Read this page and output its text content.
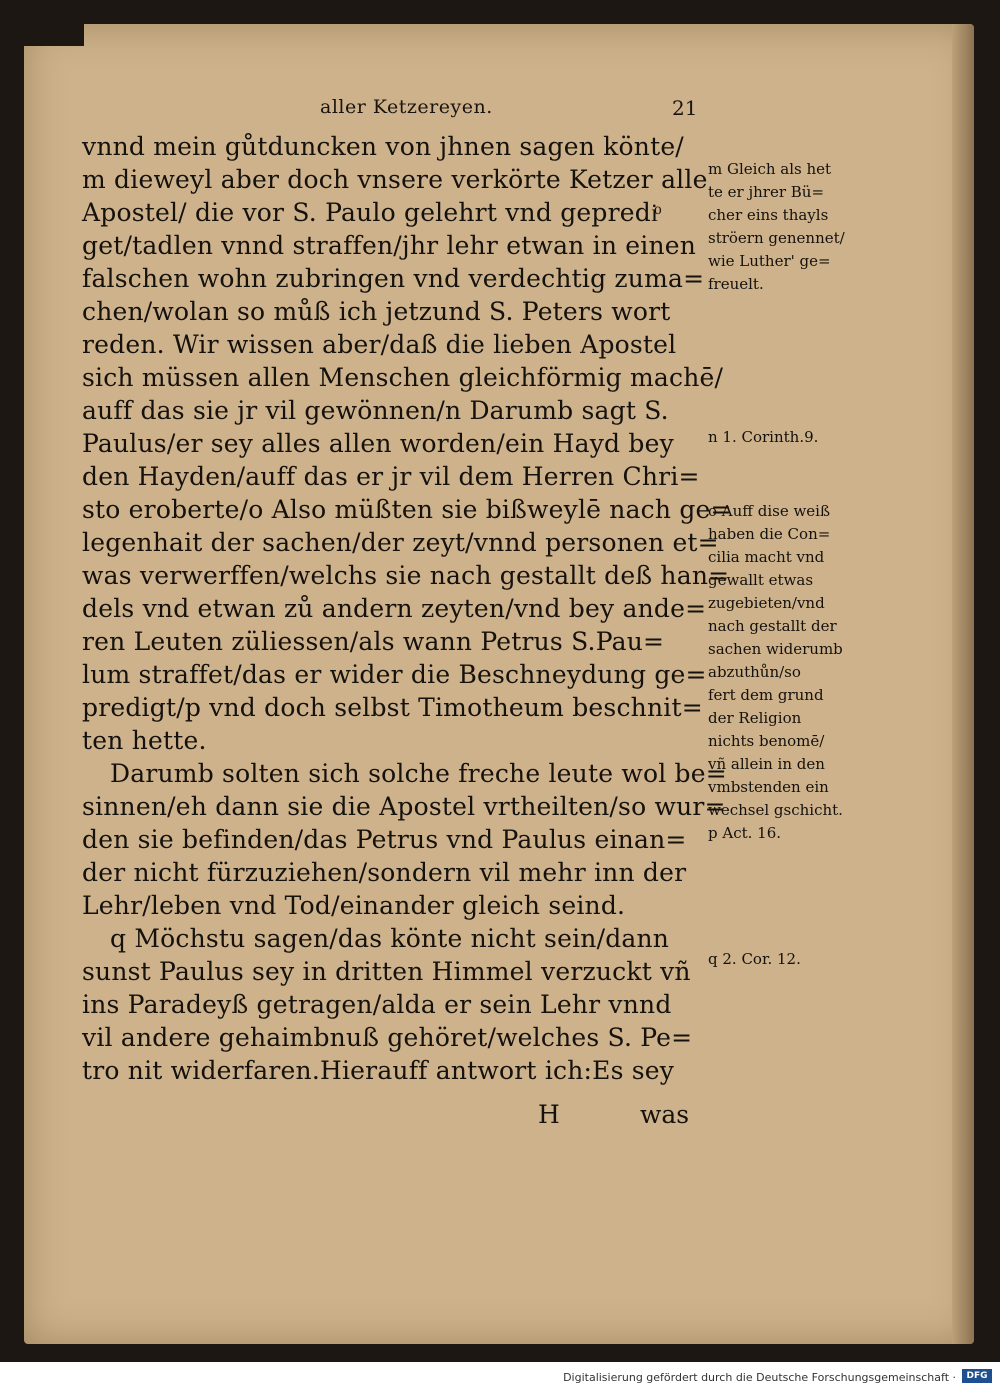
aller Ketzereyen.	21
vnnd mein gůtduncken von jhnen sagen könte/
m dieweyl aber doch vnsere verkörte Ketzer alle
Apostel/ die vor S. Paulo gelehrt vnd geprediͦ
get/tadlen vnnd straffen/jhr lehr etwan in einen
falschen wohn zubringen vnd verdechtig zuma=
chen/wolan so můß ich jetzund S. Peters wort
reden. Wir wissen aber/daß die lieben Apostel
sich müssen allen Menschen gleichförmig machē/
auff das sie jr vil gewönnen/n Darumb sagt S.
Paulus/er sey alles allen worden/ein Hayd bey
den Hayden/auff das er jr vil dem Herren Chri=
sto eroberte/o Also müßten sie bißweylē nach ge=
legenhait der sachen/der zeyt/vnnd personen et=
was verwerffen/welchs sie nach gestallt deß han=
dels vnd etwan zů andern zeyten/vnd bey ande=
ren Leuten züliessen/als wann Petrus S.Pau=
lum straffet/das er wider die Beschneydung ge=
predigt/p vnd doch selbst Timotheum beschnit=
ten hette.
Darumb solten sich solche freche leute wol be=
sinnen/eh dann sie die Apostel vrtheilten/so wur=
den sie befinden/das Petrus vnd Paulus einan=
der nicht fürzuziehen/sondern vil mehr inn der
Lehr/leben vnd Tod/einander gleich seind.
q Möchstu sagen/das könte nicht sein/dann
sunst Paulus sey in dritten Himmel verzuckt vñ
ins Paradeyß getragen/alda er sein Lehr vnnd
vil andere gehaimbnuß gehöret/welches S. Pe=
tro nit widerfaren.Hierauff antwort ich:Es sey
m Gleich als het
te er jhrer Bü=
cher eins thayls
ströern genennet/
wie Luther' ge=
freuelt.
n 1. Corinth.9.
o Auff dise weiß
haben die Con=
cilia macht vnd
gewallt etwas
zugebieten/vnd
nach gestallt der
sachen widerumb
abzuthůn/so
fert dem grund
der Religion
nichts benomē/
vñ allein in den
vmbstenden ein
wechsel gschicht.
p Act. 16.
q 2. Cor. 12.
H	was
Digitalisierung gefördert durch die Deutsche Forschungsgemeinschaft ·	DFG
